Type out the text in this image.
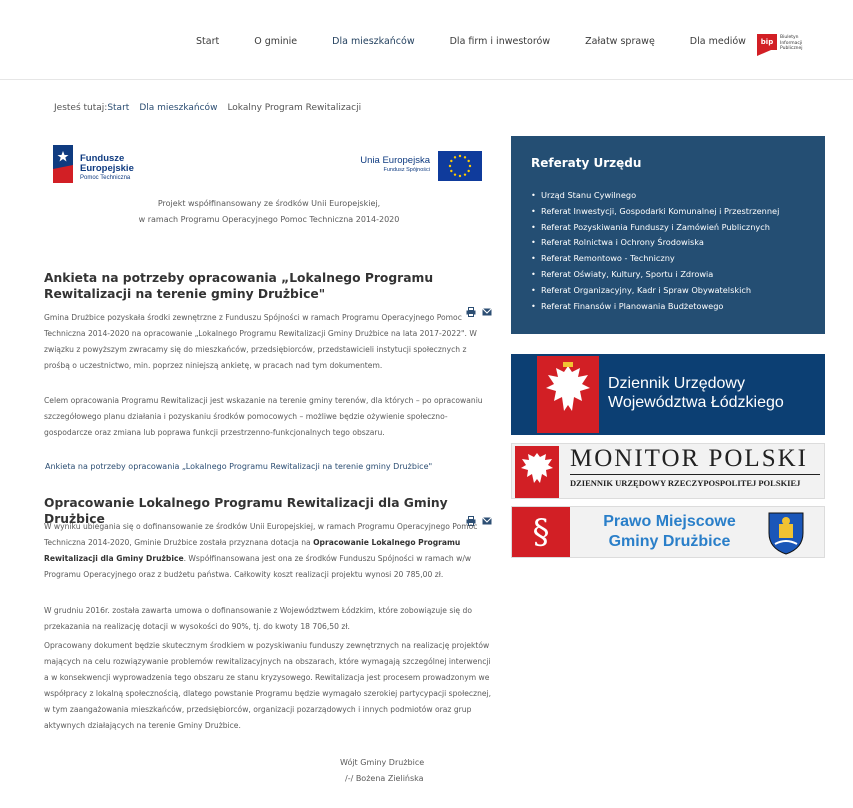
Start	O gminie	Dla mieszkańców	Dla firm i inwestorów	Załatw sprawę	Dla mediów	bip
Biuletyn
Informacji Publicznej
Jesteś tutaj:Start Dla mieszkańców Lokalny Program Rewitalizacji
Fundusze
Europejskie
Pomoc Techniczna
Unia Europejska
Fundusz Spójności
Projekt współfinansowany ze środków Unii Europejskiej,
w ramach Programu Operacyjnego Pomoc Techniczna 2014-2020
Ankieta na potrzeby opracowania „Lokalnego Programu Rewitalizacji na terenie gminy Drużbice"
Gmina Drużbice pozyskała środki zewnętrzne z Funduszu Spójności w ramach Programu Operacyjnego Pomoc Techniczna 2014-2020 na opracowanie „Lokalnego Programu Rewitalizacji Gminy Drużbice na lata 2017-2022". W związku z powyższym zwracamy się do mieszkańców, przedsiębiorców, przedstawicieli instytucji społecznych z prośbą o uczestnictwo, min. poprzez niniejszą ankietę, w pracach nad tym dokumentem.
Celem opracowania Programu Rewitalizacji jest wskazanie na terenie gminy terenów, dla których – po opracowaniu szczegółowego planu działania i pozyskaniu środków pomocowych – możliwe będzie ożywienie społeczno-gospodarcze oraz zmiana lub poprawa funkcji przestrzenno-funkcjonalnych tego obszaru.
Ankieta na potrzeby opracowania „Lokalnego Programu Rewitalizacji na terenie gminy Drużbice"
Opracowanie Lokalnego Programu Rewitalizacji dla Gminy Drużbice
W wyniku ubiegania się o dofinansowanie ze środków Unii Europejskiej, w ramach Programu Operacyjnego Pomoc Techniczna 2014-2020, Gminie Drużbice została przyznana dotacja na Opracowanie Lokalnego Programu Rewitalizacji dla Gminy Drużbice. Współfinansowana jest ona ze środków Funduszu Spójności w ramach w/w Programu Operacyjnego oraz z budżetu państwa. Całkowity koszt realizacji projektu wynosi 20 785,00 zł.
W grudniu 2016r. została zawarta umowa o dofinansowanie z Województwem Łódzkim, które zobowiązuje się do przekazania na realizację dotacji w wysokości do 90%, tj. do kwoty 18 706,50 zł.
Opracowany dokument będzie skutecznym środkiem w pozyskiwaniu funduszy zewnętrznych na realizację projektów mających na celu rozwiązywanie problemów rewitalizacyjnych na obszarach, które wymagają szczególnej interwencji a w konsekwencji wyprowadzenia tego obszaru ze stanu kryzysowego. Rewitalizacja jest procesem prowadzonym we współpracy z lokalną społecznością, dlatego powstanie Programu będzie wymagało szerokiej partycypacji społecznej, w tym zaangażowania mieszkańców, przedsiębiorców, organizacji pozarządowych i innych podmiotów oraz grup aktywnych działających na terenie Gminy Drużbice.
Wójt Gminy Drużbice
/-/ Bożena Zielińska
Referaty Urzędu
• Urząd Stanu Cywilnego
• Referat Inwestycji, Gospodarki Komunalnej i Przestrzennej
• Referat Pozyskiwania Funduszy i Zamówień Publicznych
• Referat Rolnictwa i Ochrony Środowiska
• Referat Remontowo - Techniczny
• Referat Oświaty, Kultury, Sportu i Zdrowia
• Referat Organizacyjny, Kadr i Spraw Obywatelskich
• Referat Finansów i Planowania Budżetowego
Dziennik Urzędowy
Województwa Łódzkiego
MONITOR POLSKI
DZIENNIK URZĘDOWY RZECZYPOSPOLITEJ POLSKIEJ
§	Prawo Miejscowe
Gminy Drużbice
